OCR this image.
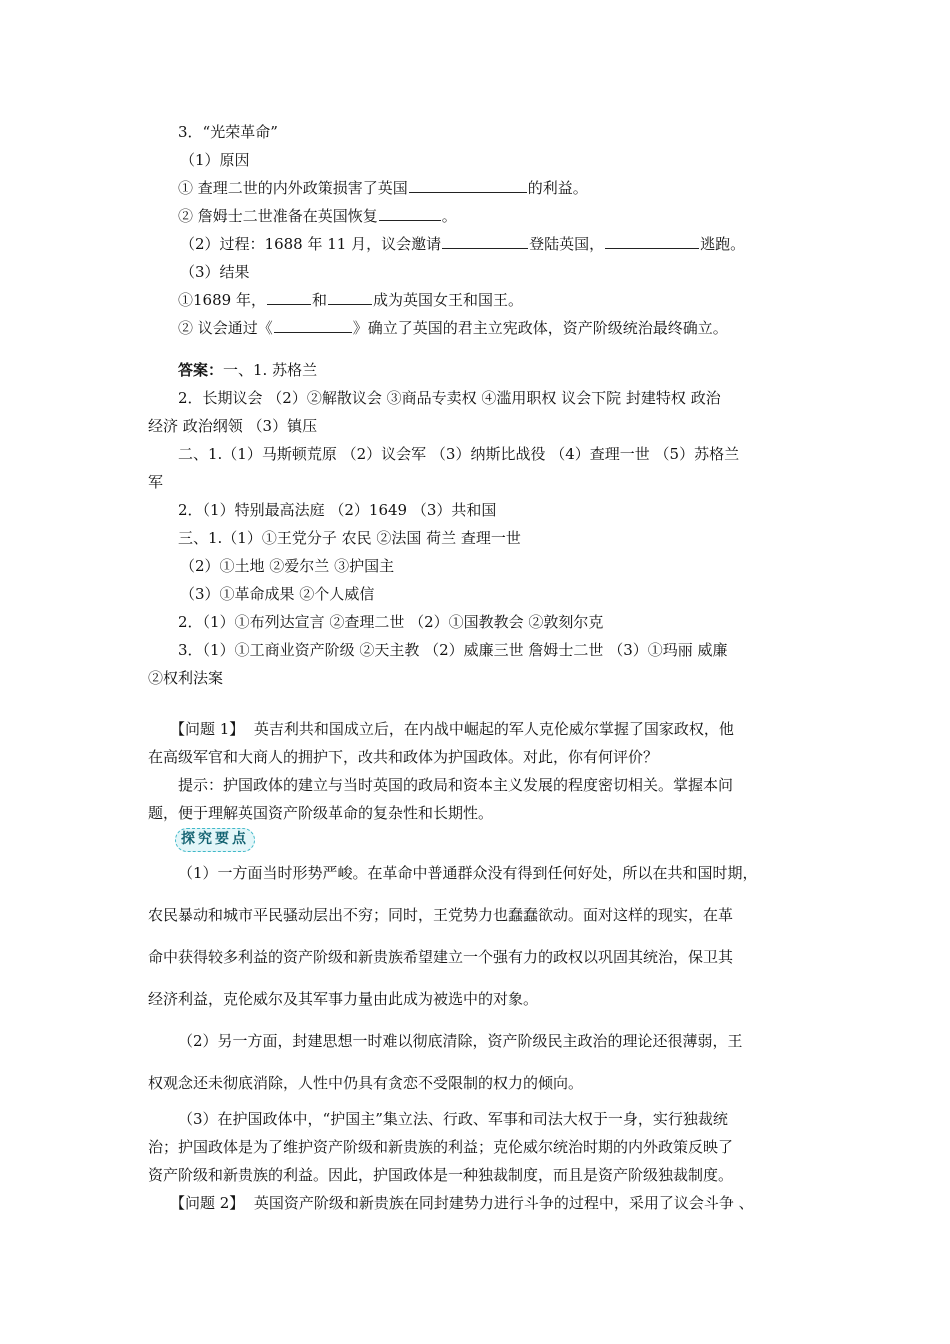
3．“光荣革命”
（1）原因
① 查理二世的内外政策损害了英国	的利益。
② 詹姆士二世准备在英国恢复	。
（2）过程：1688 年 11 月，议会邀请	登陆英国，	逃跑。
（3）结果
①1689 年，	和	成为英国女王和国王。
② 议会通过《	》确立了英国的君主立宪政体，资产阶级统治最终确立。
答案：一、1. 苏格兰
2．长期议会 （2）②解散议会 ③商品专卖权 ④滥用职权 议会下院 封建特权 政治
经济 政治纲领 （3）镇压
二、1.（1）马斯顿荒原 （2）议会军 （3）纳斯比战役 （4）查理一世 （5）苏格兰
军
2．（1）特别最高法庭 （2）1649 （3）共和国
三、1.（1）①王党分子 农民 ②法国 荷兰 查理一世
（2）①土地 ②爱尔兰 ③护国主
（3）①革命成果 ②个人威信
2．（1）①布列达宣言 ②查理二世 （2）①国教教会 ②敦刻尔克
3．（1）①工商业资产阶级 ②天主教 （2）威廉三世 詹姆士二世 （3）①玛丽 威廉
②权利法案
【问题 1】 英吉利共和国成立后，在内战中崛起的军人克伦威尔掌握了国家政权，他
在高级军官和大商人的拥护下，改共和政体为护国政体。对此，你有何评价？
提示：护国政体的建立与当时英国的政局和资本主义发展的程度密切相关。掌握本问
题，便于理解英国资产阶级革命的复杂性和长期性。
探究要点
（1）一方面当时形势严峻。在革命中普通群众没有得到任何好处，所以在共和国时期，
农民暴动和城市平民骚动层出不穷；同时，王党势力也蠢蠢欲动。面对这样的现实，在革
命中获得较多利益的资产阶级和新贵族希望建立一个强有力的政权以巩固其统治，保卫其
经济利益，克伦威尔及其军事力量由此成为被选中的对象。
（2）另一方面，封建思想一时难以彻底清除，资产阶级民主政治的理论还很薄弱，王
权观念还未彻底消除，人性中仍具有贪恋不受限制的权力的倾向。
（3）在护国政体中，“护国主”集立法、行政、军事和司法大权于一身，实行独裁统
治；护国政体是为了维护资产阶级和新贵族的利益；克伦威尔统治时期的内外政策反映了
资产阶级和新贵族的利益。因此，护国政体是一种独裁制度，而且是资产阶级独裁制度。
【问题 2】 英国资产阶级和新贵族在同封建势力进行斗争的过程中，采用了议会斗争 、
